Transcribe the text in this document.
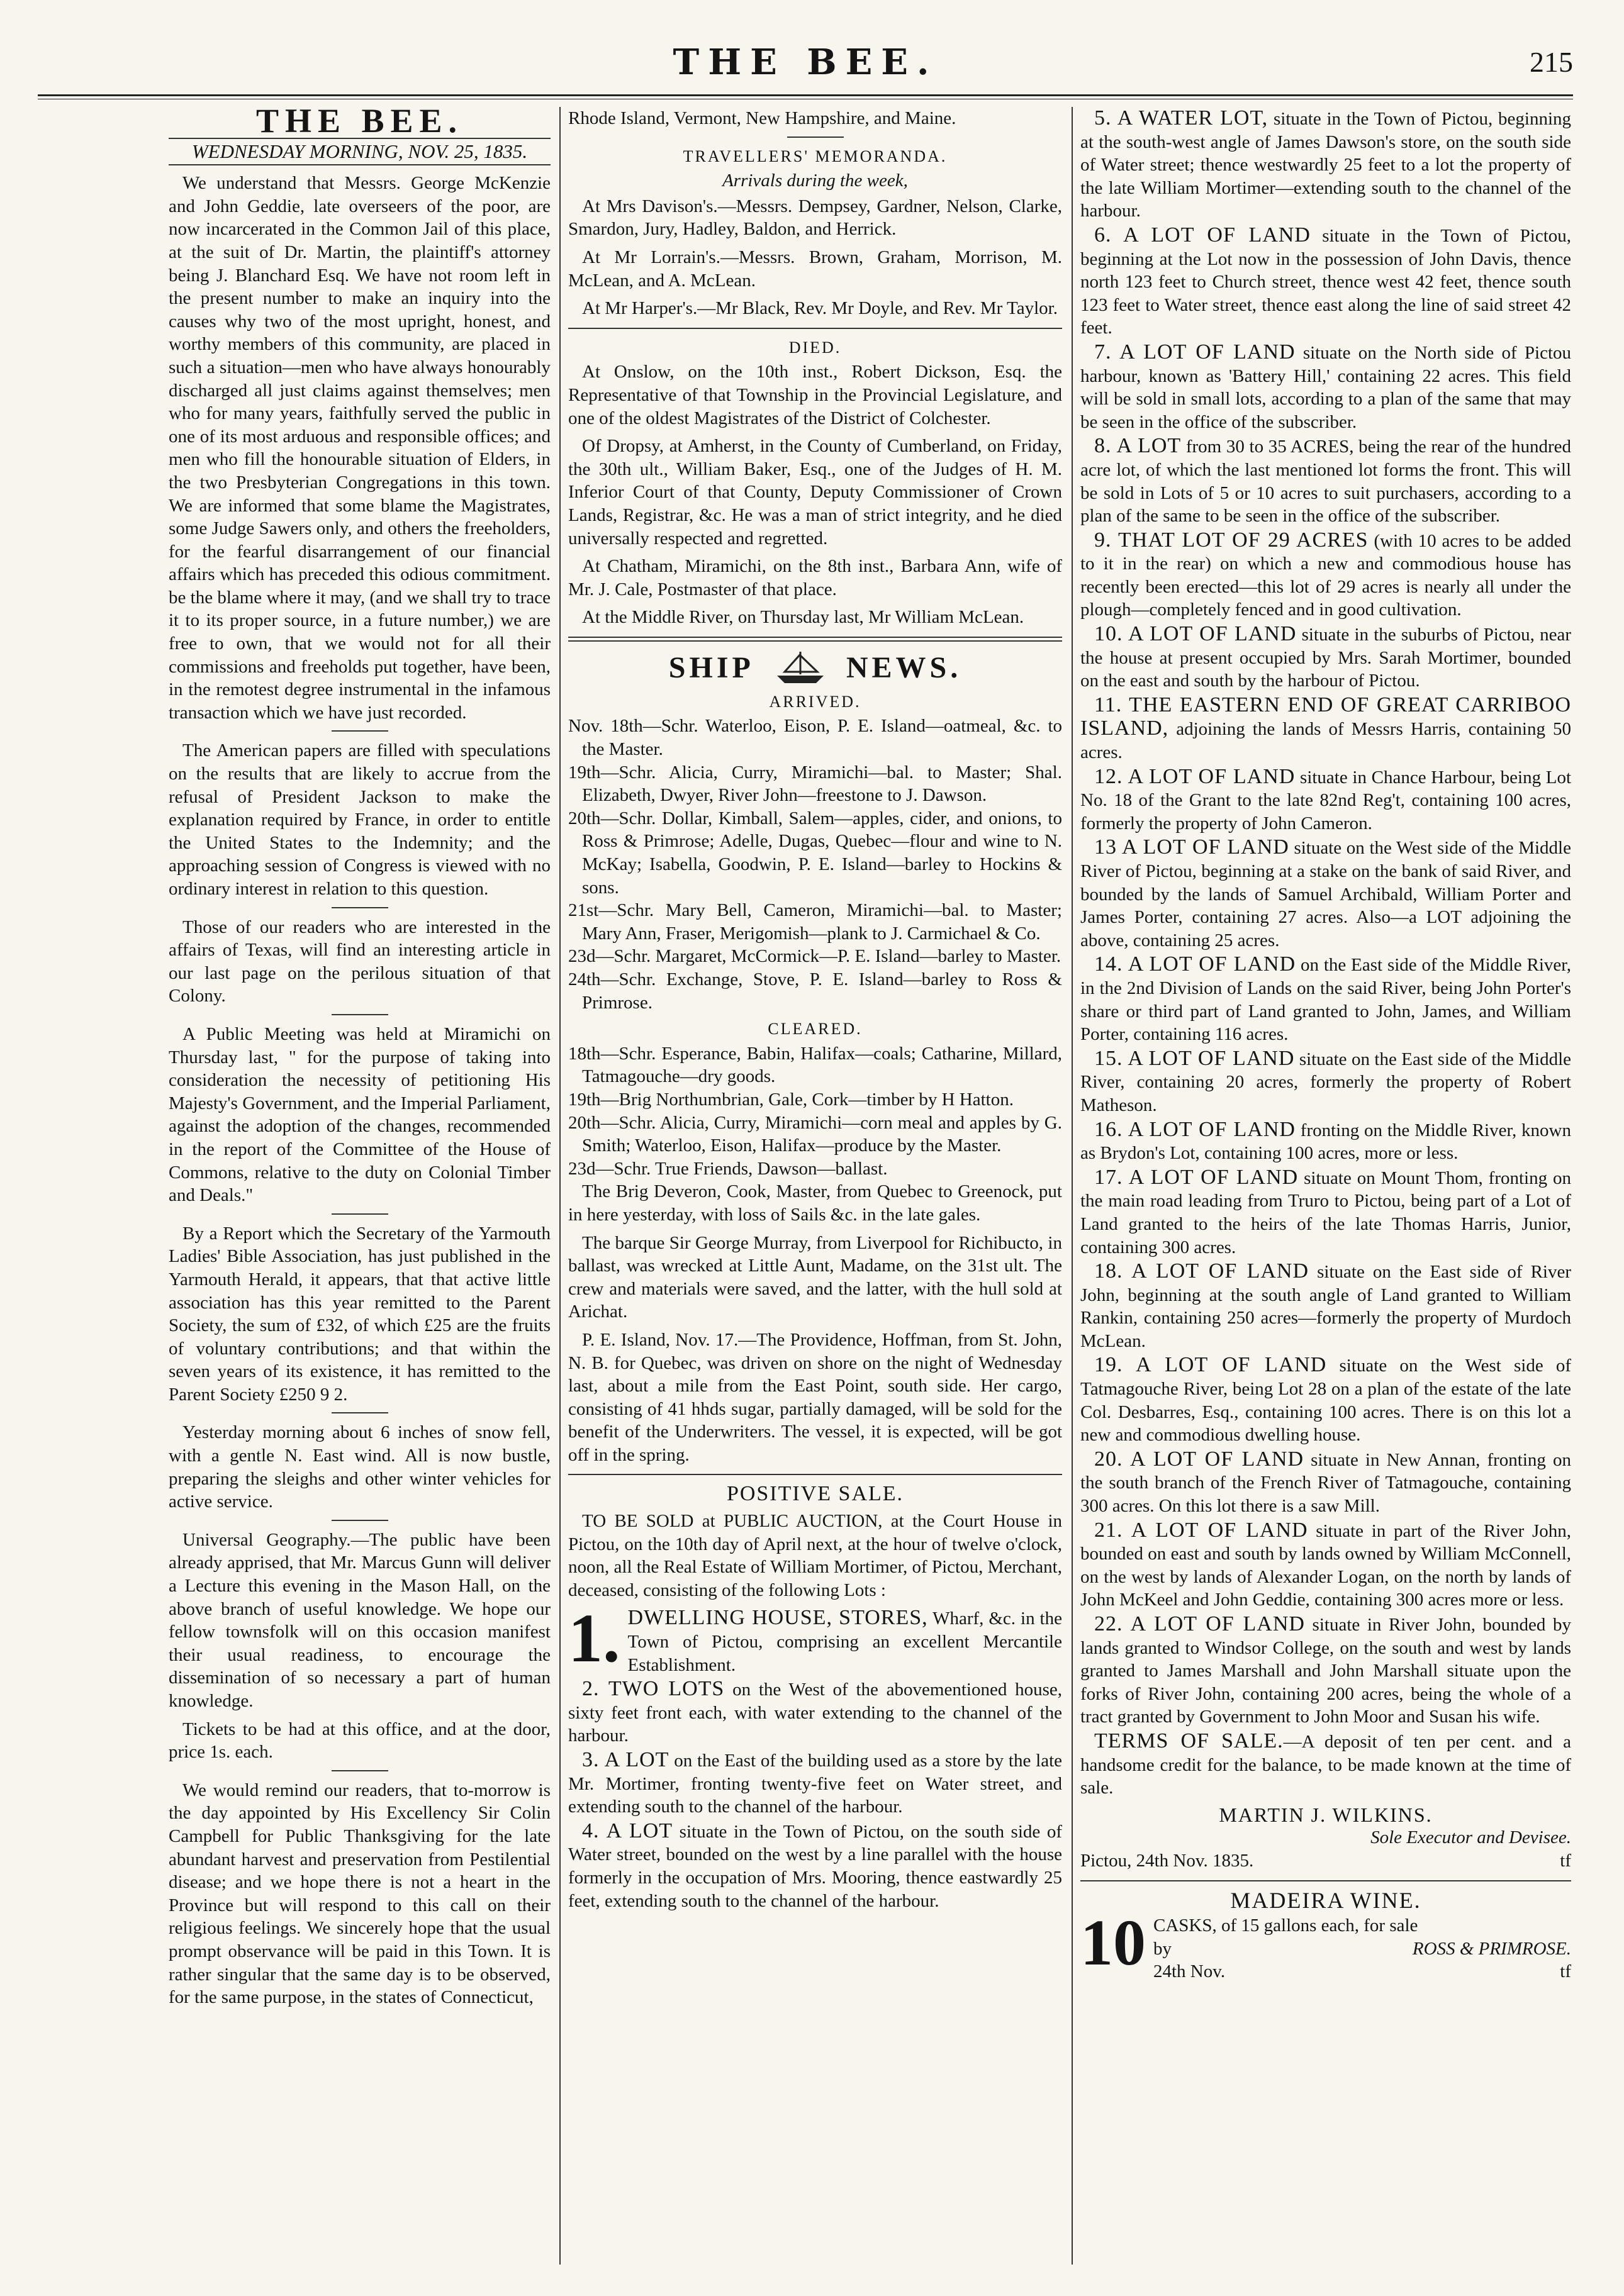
THE BEE.	215
THE BEE.
WEDNESDAY MORNING, NOV. 25, 1835.

We understand that Messrs. George McKenzie and John Geddie, late overseers of the poor, are now incarcerated in the Common Jail of this place, at the suit of Dr. Martin, the plaintiff's attorney being J. Blanchard Esq. We have not room left in the present number to make an inquiry into the causes why two of the most upright, honest, and worthy members of this community, are placed in such a situation—men who have always honourably discharged all just claims against themselves; men who for many years, faithfully served the public in one of its most arduous and responsible offices; and men who fill the honourable situation of Elders, in the two Presbyterian Congregations in this town. We are informed that some blame the Magistrates, some Judge Sawers only, and others the freeholders, for the fearful disarrangement of our financial affairs which has preceded this odious commitment. be the blame where it may, (and we shall try to trace it to its proper source, in a future number,) we are free to own, that we would not for all their commissions and freeholds put together, have been, in the remotest degree instrumental in the infamous transaction which we have just recorded.

The American papers are filled with speculations on the results that are likely to accrue from the refusal of President Jackson to make the explanation required by France, in order to entitle the United States to the Indemnity; and the approaching session of Congress is viewed with no ordinary interest in relation to this question.

Those of our readers who are interested in the affairs of Texas, will find an interesting article in our last page on the perilous situation of that Colony.

A Public Meeting was held at Miramichi on Thursday last, " for the purpose of taking into consideration the necessity of petitioning His Majesty's Government, and the Imperial Parliament, against the adoption of the changes, recommended in the report of the Committee of the House of Commons, relative to the duty on Colonial Timber and Deals."

By a Report which the Secretary of the Yarmouth Ladies' Bible Association, has just published in the Yarmouth Herald, it appears, that that active little association has this year remitted to the Parent Society, the sum of £32, of which £25 are the fruits of voluntary contributions; and that within the seven years of its existence, it has remitted to the Parent Society £250 9 2.

Yesterday morning about 6 inches of snow fell, with a gentle N. East wind. All is now bustle, preparing the sleighs and other winter vehicles for active service.

Universal Geography.—The public have been already apprised, that Mr. Marcus Gunn will deliver a Lecture this evening in the Mason Hall, on the above branch of useful knowledge. We hope our fellow townsfolk will on this occasion manifest their usual readiness, to encourage the dissemination of so necessary a part of human knowledge.

Tickets to be had at this office, and at the door, price 1s. each.

We would remind our readers, that to-morrow is the day appointed by His Excellency Sir Colin Campbell for Public Thanksgiving for the late abundant harvest and preservation from Pestilential disease; and we hope there is not a heart in the Province but will respond to this call on their religious feelings. We sincerely hope that the usual prompt observance will be paid in this Town. It is rather singular that the same day is to be observed, for the same purpose, in the states of Connecticut,

Rhode Island, Vermont, New Hampshire, and Maine.

TRAVELLERS' MEMORANDA.
Arrivals during the week,

At Mrs Davison's.—Messrs. Dempsey, Gardner, Nelson, Clarke, Smardon, Jury, Hadley, Baldon, and Herrick.

At Mr Lorrain's.—Messrs. Brown, Graham, Morrison, M. McLean, and A. McLean.

At Mr Harper's.—Mr Black, Rev. Mr Doyle, and Rev. Mr Taylor.

DIED.

At Onslow, on the 10th inst., Robert Dickson, Esq. the Representative of that Township in the Provincial Legislature, and one of the oldest Magistrates of the District of Colchester.

Of Dropsy, at Amherst, in the County of Cumberland, on Friday, the 30th ult., William Baker, Esq., one of the Judges of H. M. Inferior Court of that County, Deputy Commissioner of Crown Lands, Registrar, &c. He was a man of strict integrity, and he died universally respected and regretted.

At Chatham, Miramichi, on the 8th inst., Barbara Ann, wife of Mr. J. Cale, Postmaster of that place.

At the Middle River, on Thursday last, Mr William McLean.

SHIP	NEWS.
ARRIVED.

Nov. 18th—Schr. Waterloo, Eison, P. E. Island—oatmeal, &c. to the Master.

19th—Schr. Alicia, Curry, Miramichi—bal. to Master; Shal. Elizabeth, Dwyer, River John—freestone to J. Dawson.

20th—Schr. Dollar, Kimball, Salem—apples, cider, and onions, to Ross & Primrose; Adelle, Dugas, Quebec—flour and wine to N. McKay; Isabella, Goodwin, P. E. Island—barley to Hockins & sons.

21st—Schr. Mary Bell, Cameron, Miramichi—bal. to Master; Mary Ann, Fraser, Merigomish—plank to J. Carmichael & Co.

23d—Schr. Margaret, McCormick—P. E. Island—barley to Master.

24th—Schr. Exchange, Stove, P. E. Island—barley to Ross & Primrose.

CLEARED.

18th—Schr. Esperance, Babin, Halifax—coals; Catharine, Millard, Tatmagouche—dry goods.

19th—Brig Northumbrian, Gale, Cork—timber by H Hatton.

20th—Schr. Alicia, Curry, Miramichi—corn meal and apples by G. Smith; Waterloo, Eison, Halifax—produce by the Master.

23d—Schr. True Friends, Dawson—ballast.

The Brig Deveron, Cook, Master, from Quebec to Greenock, put in here yesterday, with loss of Sails &c. in the late gales.

The barque Sir George Murray, from Liverpool for Richibucto, in ballast, was wrecked at Little Aunt, Madame, on the 31st ult. The crew and materials were saved, and the latter, with the hull sold at Arichat.

P. E. Island, Nov. 17.—The Providence, Hoffman, from St. John, N. B. for Quebec, was driven on shore on the night of Wednesday last, about a mile from the East Point, south side. Her cargo, consisting of 41 hhds sugar, partially damaged, will be sold for the benefit of the Underwriters. The vessel, it is expected, will be got off in the spring.

POSITIVE SALE.

TO BE SOLD at PUBLIC AUCTION, at the Court House in Pictou, on the 10th day of April next, at the hour of twelve o'clock, noon, all the Real Estate of William Mortimer, of Pictou, Merchant, deceased, consisting of the following Lots :

1. DWELLING HOUSE, STORES, Wharf, &c. in the Town of Pictou, comprising an excellent Mercantile Establishment.

2. TWO LOTS on the West of the abovementioned house, sixty feet front each, with water extending to the channel of the harbour.

3. A LOT on the East of the building used as a store by the late Mr. Mortimer, fronting twenty-five feet on Water street, and extending south to the channel of the harbour.

4. A LOT situate in the Town of Pictou, on the south side of Water street, bounded on the west by a line parallel with the house formerly in the occupation of Mrs. Mooring, thence eastwardly 25 feet, extending south to the channel of the harbour.

5. A WATER LOT, situate in the Town of Pictou, beginning at the south-west angle of James Dawson's store, on the south side of Water street; thence westwardly 25 feet to a lot the property of the late William Mortimer—extending south to the channel of the harbour.

6. A LOT OF LAND situate in the Town of Pictou, beginning at the Lot now in the possession of John Davis, thence north 123 feet to Church street, thence west 42 feet, thence south 123 feet to Water street, thence east along the line of said street 42 feet.

7. A LOT OF LAND situate on the North side of Pictou harbour, known as 'Battery Hill,' containing 22 acres. This field will be sold in small lots, according to a plan of the same that may be seen in the office of the subscriber.

8. A LOT from 30 to 35 ACRES, being the rear of the hundred acre lot, of which the last mentioned lot forms the front. This will be sold in Lots of 5 or 10 acres to suit purchasers, according to a plan of the same to be seen in the office of the subscriber.

9. THAT LOT OF 29 ACRES (with 10 acres to be added to it in the rear) on which a new and commodious house has recently been erected—this lot of 29 acres is nearly all under the plough—completely fenced and in good cultivation.

10. A LOT OF LAND situate in the suburbs of Pictou, near the house at present occupied by Mrs. Sarah Mortimer, bounded on the east and south by the harbour of Pictou.

11. THE EASTERN END OF GREAT CARRIBOO ISLAND, adjoining the lands of Messrs Harris, containing 50 acres.

12. A LOT OF LAND situate in Chance Harbour, being Lot No. 18 of the Grant to the late 82nd Reg't, containing 100 acres, formerly the property of John Cameron.

13 A LOT OF LAND situate on the West side of the Middle River of Pictou, beginning at a stake on the bank of said River, and bounded by the lands of Samuel Archibald, William Porter and James Porter, containing 27 acres. Also—a LOT adjoining the above, containing 25 acres.

14. A LOT OF LAND on the East side of the Middle River, in the 2nd Division of Lands on the said River, being John Porter's share or third part of Land granted to John, James, and William Porter, containing 116 acres.

15. A LOT OF LAND situate on the East side of the Middle River, containing 20 acres, formerly the property of Robert Matheson.

16. A LOT OF LAND fronting on the Middle River, known as Brydon's Lot, containing 100 acres, more or less.

17. A LOT OF LAND situate on Mount Thom, fronting on the main road leading from Truro to Pictou, being part of a Lot of Land granted to the heirs of the late Thomas Harris, Junior, containing 300 acres.

18. A LOT OF LAND situate on the East side of River John, beginning at the south angle of Land granted to William Rankin, containing 250 acres—formerly the property of Murdoch McLean.

19. A LOT OF LAND situate on the West side of Tatmagouche River, being Lot 28 on a plan of the estate of the late Col. Desbarres, Esq., containing 100 acres. There is on this lot a new and commodious dwelling house.

20. A LOT OF LAND situate in New Annan, fronting on the south branch of the French River of Tatmagouche, containing 300 acres. On this lot there is a saw Mill.

21. A LOT OF LAND situate in part of the River John, bounded on east and south by lands owned by William McConnell, on the west by lands of Alexander Logan, on the north by lands of John McKeel and John Geddie, containing 300 acres more or less.

22. A LOT OF LAND situate in River John, bounded by lands granted to Windsor College, on the south and west by lands granted to James Marshall and John Marshall situate upon the forks of River John, containing 200 acres, being the whole of a tract granted by Government to John Moor and Susan his wife.

TERMS OF SALE.—A deposit of ten per cent. and a handsome credit for the balance, to be made known at the time of sale.

MARTIN J. WILKINS.

Sole Executor and Devisee.

Pictou, 24th Nov. 1835.	tf
MADEIRA WINE.
10 CASKS, of 15 gallons each, for sale

by	ROSS & PRIMROSE.
24th Nov.	tf
